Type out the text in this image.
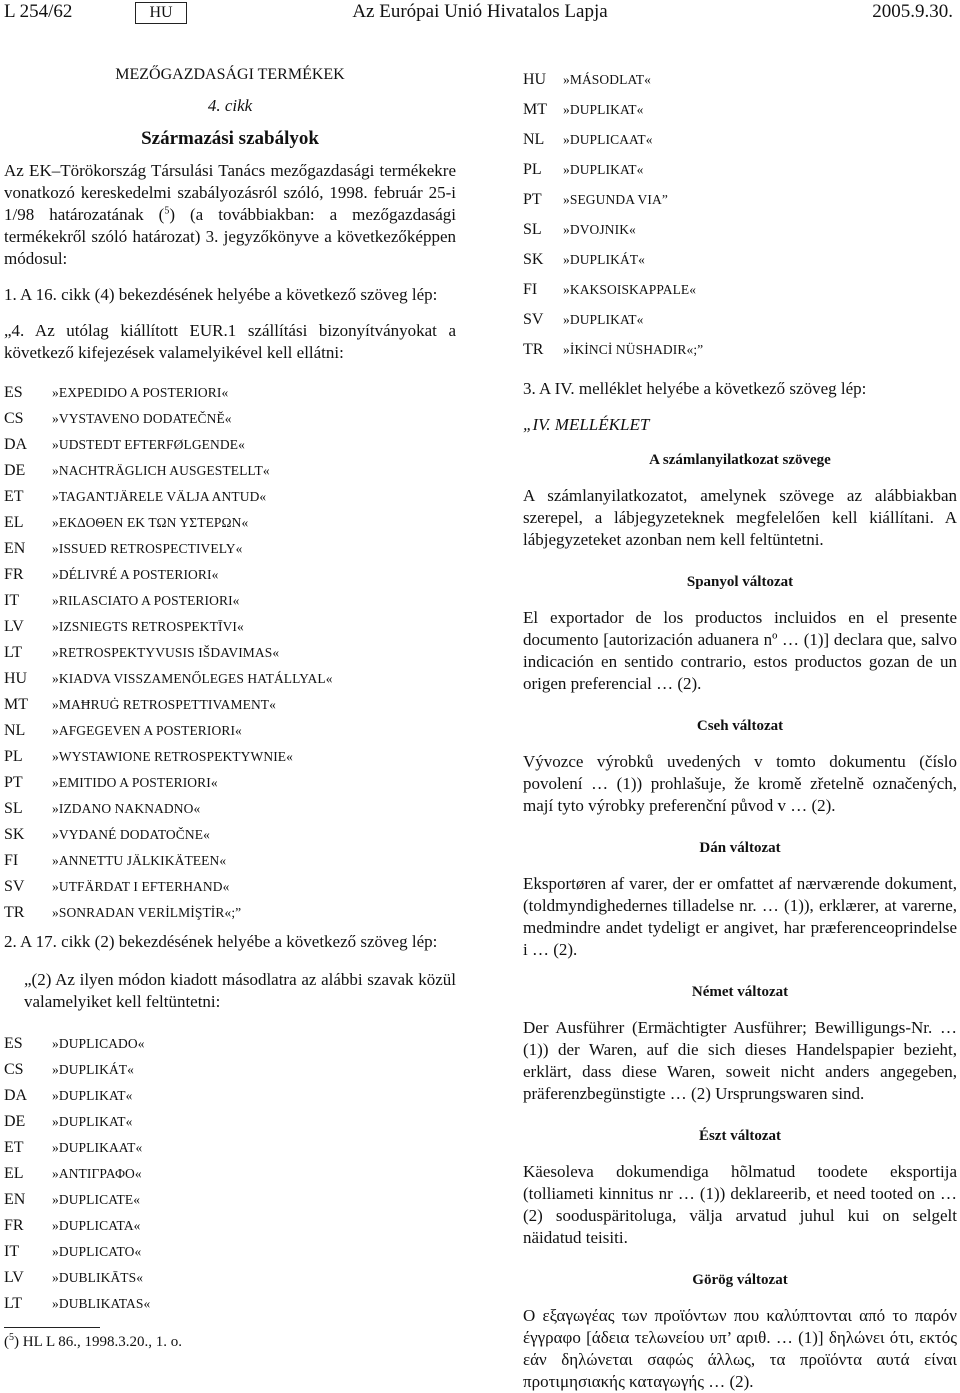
Az Európai Unió Hivatalos Lapja
L 254/62	HU	2005.9.30.
MEZŐGAZDASÁGI TERMÉKEK
4. cikk
Származási szabályok

Az EK–Törökország Társulási Tanács mezőgazdasági termékekre vonatkozó kereskedelmi szabályozásról szóló, 1998. február 25-i 1/98 határozatának ($^5$) (a továbbiakban: a mezőgazdasági termékekről szóló határozat) 3. jegyzőkönyve a következőképpen módosul:

1. A 16. cikk (4) bekezdésének helyébe a következő szöveg lép:

„4. Az utólag kiállított EUR.1 szállítási bizonyítványokat a következő kifejezések valamelyikével kell ellátni:

ES	»EXPEDIDO A POSTERIORI«
CS	»VYSTAVENO DODATEČNĚ«
DA	»UDSTEDT EFTERFØLGENDE«
DE	»NACHTRÄGLICH AUSGESTELLT«
ET	»TAGANTJÄRELE VÄLJA ANTUD«
EL	»ΕΚΔΟΘΕΝ ΕΚ ΤΩΝ ΥΣΤΕΡΩΝ«
EN	»ISSUED RETROSPECTIVELY«
FR	»DÉLIVRÉ A POSTERIORI«
IT	»RILASCIATO A POSTERIORI«
LV	»IZSNIEGTS RETROSPEKTĪVI«
LT	»RETROSPEKTYVUSIS IŠDAVIMAS«
HU	»KIADVA VISSZAMENŐLEGES HATÁLLYAL«
MT	»MAĦRUĠ RETROSPETTIVAMENT«
NL	»AFGEGEVEN A POSTERIORI«
PL	»WYSTAWIONE RETROSPEKTYWNIE«
PT	»EMITIDO A POSTERIORI«
SL	»IZDANO NAKNADNO«
SK	»VYDANÉ DODATOČNE«
FI	»ANNETTU JÄLKIKÄTEEN«
SV	»UTFÄRDAT I EFTERHAND«
TR	»SONRADAN VERİLMİŞTİR«;”

2. A 17. cikk (2) bekezdésének helyébe a következő szöveg lép:

„(2) Az ilyen módon kiadott másodlatra az alábbi szavak közül valamelyiket kell feltüntetni:

ES	»DUPLICADO«
CS	»DUPLIKÁT«
DA	»DUPLIKAT«
DE	»DUPLIKAT«
ET	»DUPLIKAAT«
EL	»ΑΝΤΙΓΡΑΦΟ«
EN	»DUPLICATE«
FR	»DUPLICATA«
IT	»DUPLICATO«
LV	»DUBLIKĀTS«
LT	»DUBLIKATAS«
($^5$) HL L 86., 1998.3.20., 1. o.
HU	»MÁSODLAT«
MT	»DUPLIKAT«
NL	»DUPLICAAT«
PL	»DUPLIKAT«
PT	»SEGUNDA VIA”
SL	»DVOJNIK«
SK	»DUPLIKÁT«
FI	»KAKSOISKAPPALE«
SV	»DUPLIKAT«
TR	»İKİNCİ NÜSHADIR«;”

3. A IV. melléklet helyébe a következő szöveg lép:

„IV. MELLÉKLET

A számlanyilatkozat szövege

A számlanyilatkozatot, amelynek szövege az alábbiakban szerepel, a lábjegyzeteknek megfelelően kell kiállítani. A lábjegyzeteket azonban nem kell feltüntetni.

Spanyol változat

El exportador de los productos incluidos en el presente documento [autorización aduanera nº … (1)] declara que, salvo indicación en sentido contrario, estos productos gozan de un origen preferencial … (2).

Cseh változat

Vývozce výrobků uvedených v tomto dokumentu (číslo povolení … (1)) prohlašuje, že kromě zřetelně označených, mají tyto výrobky preferenční původ v … (2).

Dán változat

Eksportøren af varer, der er omfattet af nærværende dokument, (toldmyndighedernes tilladelse nr. … (1)), erklærer, at varerne, medmindre andet tydeligt er angivet, har præferenceoprindelse i … (2).

Német változat

Der Ausführer (Ermächtigter Ausführer; Bewilligungs-Nr. … (1)) der Waren, auf die sich dieses Handelspapier bezieht, erklärt, dass diese Waren, soweit nicht anders angegeben, präferenzbegünstigte … (2) Ursprungswaren sind.

Észt változat

Käesoleva dokumendiga hõlmatud toodete eksportija (tolliameti kinnitus nr … (1)) deklareerib, et need tooted on … (2) sooduspäritoluga, välja arvatud juhul kui on selgelt näidatud teisiti.

Görög változat

Ο εξαγωγέας των προϊόντων που καλύπτονται από το παρόν έγγραφο [άδεια τελωνείου υπ’ αριθ. … (1)] δηλώνει ότι, εκτός εάν δηλώνεται σαφώς άλλως, τα προϊόντα αυτά είναι προτιμησιακής καταγωγής … (2).
